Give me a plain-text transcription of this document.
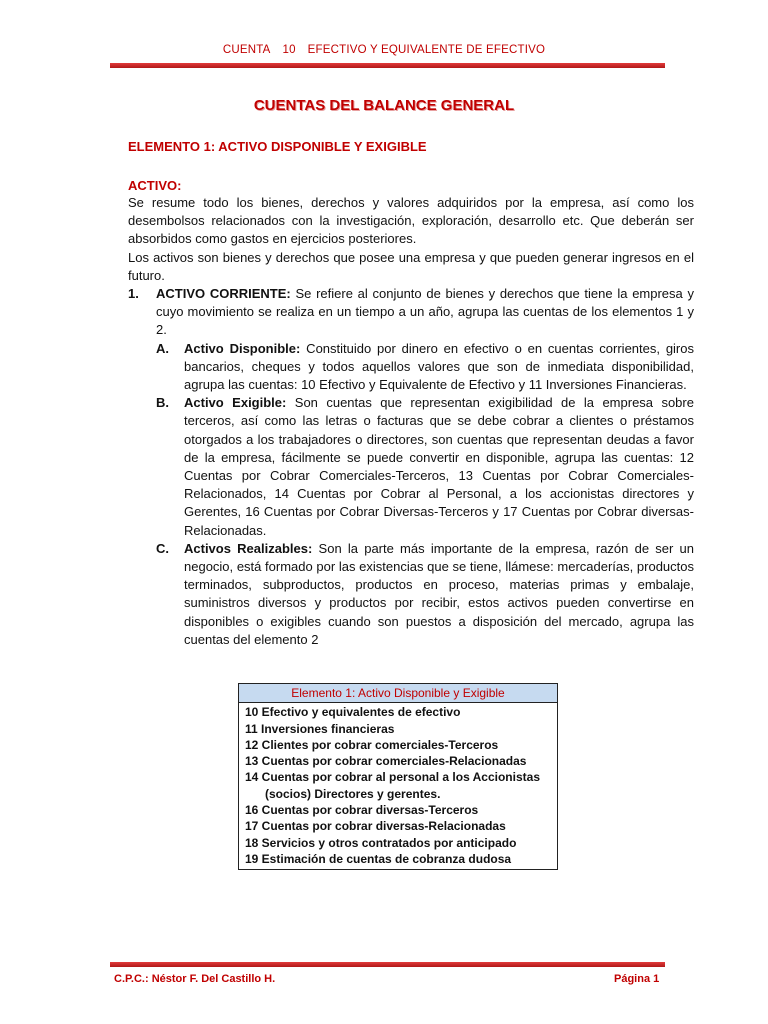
CUENTA 10 EFECTIVO Y EQUIVALENTE DE EFECTIVO
CUENTAS DEL BALANCE GENERAL
ELEMENTO 1: ACTIVO DISPONIBLE Y EXIGIBLE
ACTIVO:

Se resume todo los bienes, derechos y valores adquiridos por la empresa, así como los desembolsos relacionados con la investigación, exploración, desarrollo etc. Que deberán ser absorbidos como gastos en ejercicios posteriores.

Los activos son bienes y derechos que posee una empresa y que pueden generar ingresos en el futuro.

1.	ACTIVO CORRIENTE: Se refiere al conjunto de bienes y derechos que tiene la empresa y cuyo movimiento se realiza en un tiempo a un año, agrupa las cuentas de los elementos 1 y 2.
A.	Activo Disponible: Constituido por dinero en efectivo o en cuentas corrientes, giros bancarios, cheques y todos aquellos valores que son de inmediata disponibilidad, agrupa las cuentas: 10 Efectivo y Equivalente de Efectivo y 11 Inversiones Financieras.
B.	Activo Exigible: Son cuentas que representan exigibilidad de la empresa sobre terceros, así como las letras o facturas que se debe cobrar a clientes o préstamos otorgados a los trabajadores o directores, son cuentas que representan deudas a favor de la empresa, fácilmente se puede convertir en disponible, agrupa las cuentas: 12 Cuentas por Cobrar Comerciales-Terceros, 13 Cuentas por Cobrar Comerciales-Relacionados, 14 Cuentas por Cobrar al Personal, a los accionistas directores y Gerentes, 16 Cuentas por Cobrar Diversas-Terceros y 17 Cuentas por Cobrar diversas-Relacionadas.
C.	Activos Realizables: Son la parte más importante de la empresa, razón de ser un negocio, está formado por las existencias que se tiene, llámese: mercaderías, productos terminados, subproductos, productos en proceso, materias primas y embalaje, suministros diversos y productos por recibir, estos activos pueden convertirse en disponibles o exigibles cuando son puestos a disposición del mercado, agrupa las cuentas del elemento 2
Elemento 1: Activo Disponible y Exigible
10 Efectivo y equivalentes de efectivo
11 Inversiones financieras
12 Clientes por cobrar comerciales-Terceros
13 Cuentas por cobrar comerciales-Relacionadas
14 Cuentas por cobrar al personal a los Accionistas
(socios) Directores y gerentes.
16 Cuentas por cobrar diversas-Terceros
17 Cuentas por cobrar diversas-Relacionadas
18 Servicios y otros contratados por anticipado
19 Estimación de cuentas de cobranza dudosa
C.P.C.: Néstor F. Del Castillo H.	Página 1
